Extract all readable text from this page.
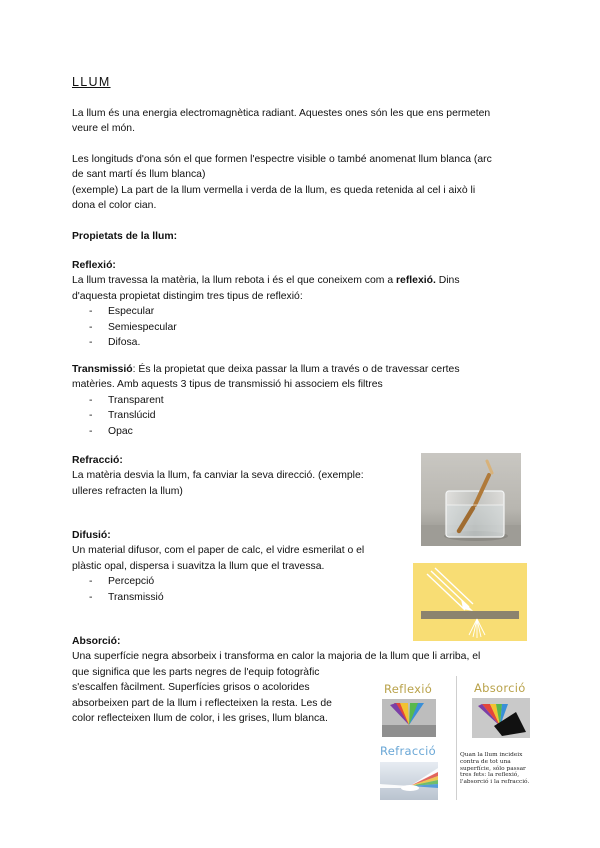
LLUM
La llum és una energia electromagnètica radiant. Aquestes ones són les que ens permeten
veure el món.
Les longituds d'ona són el que formen l'espectre visible o també anomenat llum blanca (arc
de sant martí és llum blanca)
(exemple) La part de la llum vermella i verda de la llum, es queda retenida al cel i això li
dona el color cian.
Propietats de la llum:
Reflexió:
La llum travessa la matèria, la llum rebota i és el que coneixem com a reflexió. Dins
d'aquesta propietat distingim tres tipus de reflexió:
- Especular
- Semiespecular
- Difosa.
Transmissió: És la propietat que deixa passar la llum a través o de travessar certes
matèries. Amb aquests 3 tipus de transmissió hi associem els filtres
- Transparent
- Translúcid
- Opac
Refracció:
La matèria desvia la llum, fa canviar la seva direcció. (exemple:
ulleres refracten la llum)
Difusió:
Un material difusor, com el paper de calc, el vidre esmerilat o el
plàstic opal, dispersa i suavitza la llum que el travessa.
- Percepció
- Transmissió
Absorció:
Una superfície negra absorbeix i transforma en calor la majoria de la llum que li arriba, el
que significa que les parts negres de l'equip fotogràfic
s'escalfen fàcilment. Superfícies grisos o acolorides
absorbeixen part de la llum i reflecteixen la resta. Les de
color reflecteixen llum de color, i les grises, llum blanca.
Reflexió	Absorció
Refracció	Quan la llum incideix
contra de tot una
superfície, sólo passar
tres fets: la reflexió,
l'absorció i la refracció.
